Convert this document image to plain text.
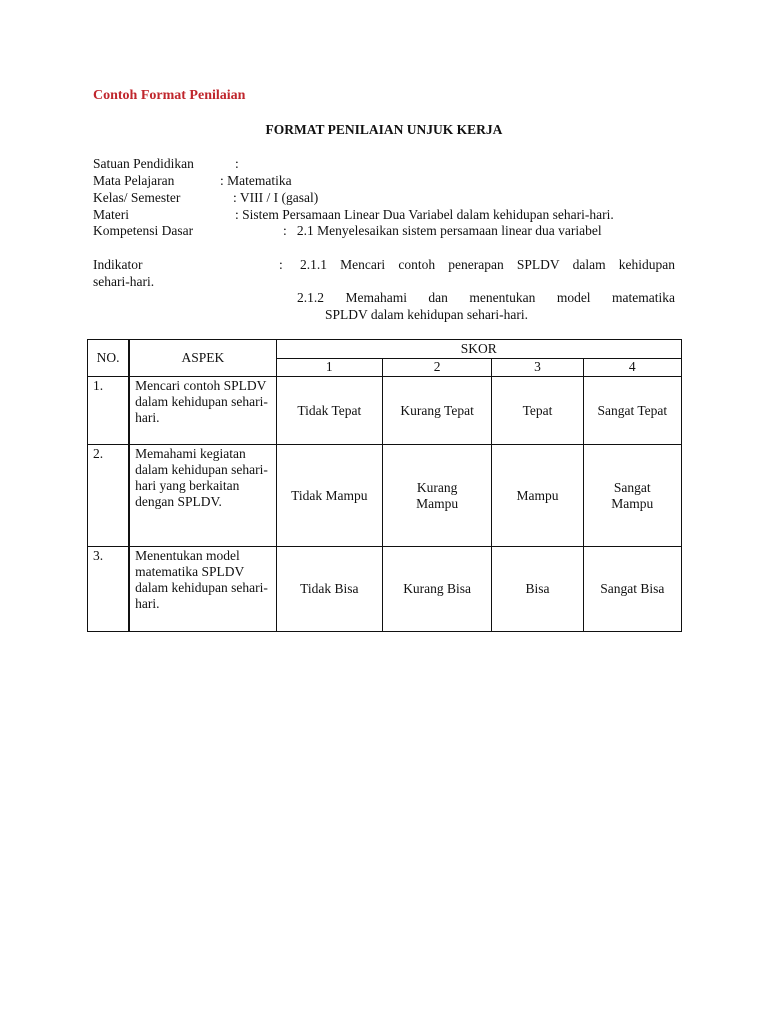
Contoh Format Penilaian
FORMAT PENILAIAN UNJUK KERJA
Satuan Pendidikan	:
Mata Pelajaran	: Matematika
Kelas/ Semester	: VIII / I (gasal)
Materi	: Sistem Persamaan Linear Dua Variabel dalam kehidupan sehari-hari.
Kompetensi Dasar	:   2.1 Menyelesaikan sistem persamaan linear dua variabel
Indikator	: 2.1.1 Mencari contoh penerapan SPLDV dalam kehidupan
sehari-hari.
2.1.2 Memahami dan menentukan model matematika
SPLDV dalam kehidupan sehari-hari.
NO.	ASPEK	SKOR			
		1	2	3	4
1.	Mencari contoh SPLDV dalam kehidupan sehari-hari.	Tidak Tepat	Kurang Tepat	Tepat	Sangat Tepat
2.	Memahami kegiatan dalam kehidupan sehari-hari yang berkaitan dengan SPLDV.	Tidak Mampu	Kurang Mampu	Mampu	Sangat Mampu
3.	Menentukan model matematika SPLDV dalam kehidupan sehari-hari.	Tidak Bisa	Kurang Bisa	Bisa	Sangat Bisa
